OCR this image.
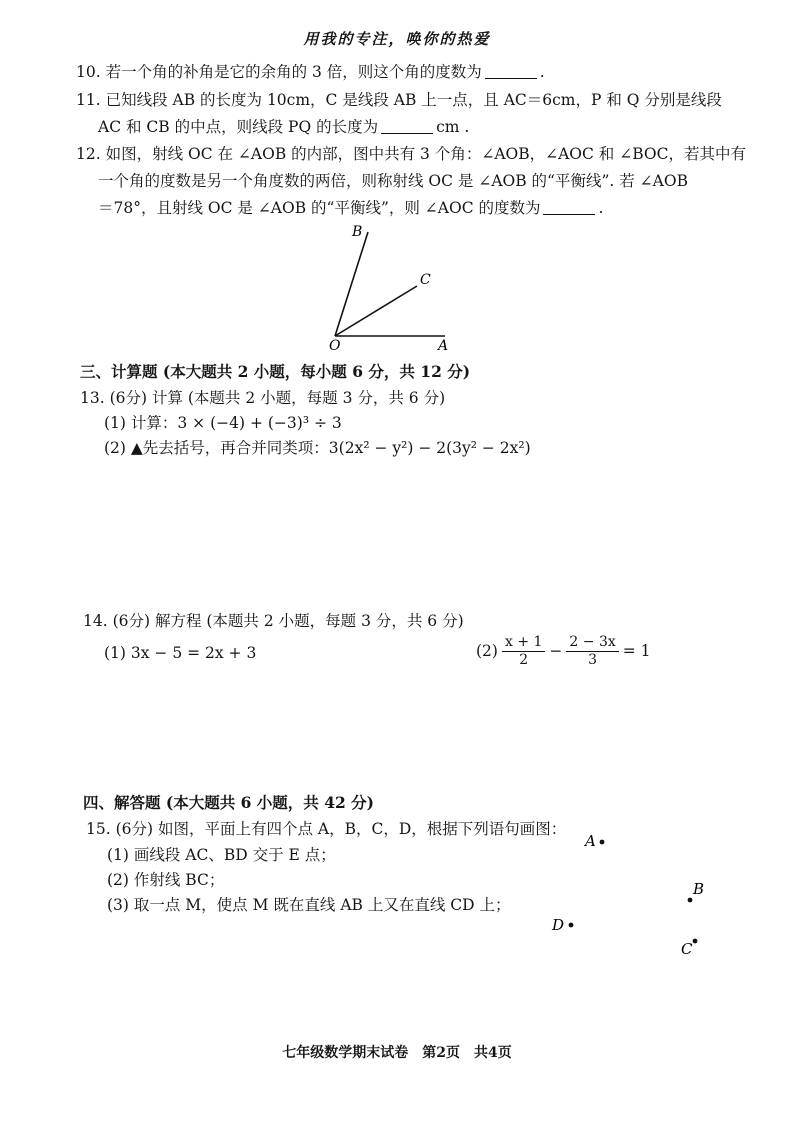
用我的专注，唤你的热爱
10. 若一个角的补角是它的余角的 3 倍，则这个角的度数为	.
11. 已知线段 AB 的长度为 10cm，C 是线段 AB 上一点，且 AC＝6cm，P 和 Q 分别是线段
AC 和 CB 的中点，则线段 PQ 的长度为	cm .
12. 如图，射线 OC 在 ∠AOB 的内部，图中共有 3 个角：∠AOB，∠AOC 和 ∠BOC，若其中有
一个角的度数是另一个角度数的两倍，则称射线 OC 是 ∠AOB 的“平衡线”. 若 ∠AOB
＝78°，且射线 OC 是 ∠AOB 的“平衡线”，则 ∠AOC 的度数为	.
B
C
O	A
三、计算题 (本大题共 2 小题，每小题 6 分，共 12 分)
13. (6分) 计算 (本题共 2 小题，每题 3 分，共 6 分)
(1) 计算：3 × (−4) + (−3)³ ÷ 3
(2) ▲先去括号，再合并同类项：3(2x² − y²) − 2(3y² − 2x²)
14. (6分) 解方程 (本题共 2 小题，每题 3 分，共 6 分)
(1) 3x − 5 = 2x + 3	$(2) \frac{x + 1}{2} - \frac{2 - 3x}{3} = 1$
四、解答题 (本大题共 6 小题，共 42 分)
15. (6分) 如图，平面上有四个点 A，B，C，D，根据下列语句画图：
(1) 画线段 AC、BD 交于 E 点；
(2) 作射线 BC；
(3) 取一点 M，使点 M 既在直线 AB 上又在直线 CD 上；
A
B
D
C
七年级数学期末试卷　第2页　共4页
